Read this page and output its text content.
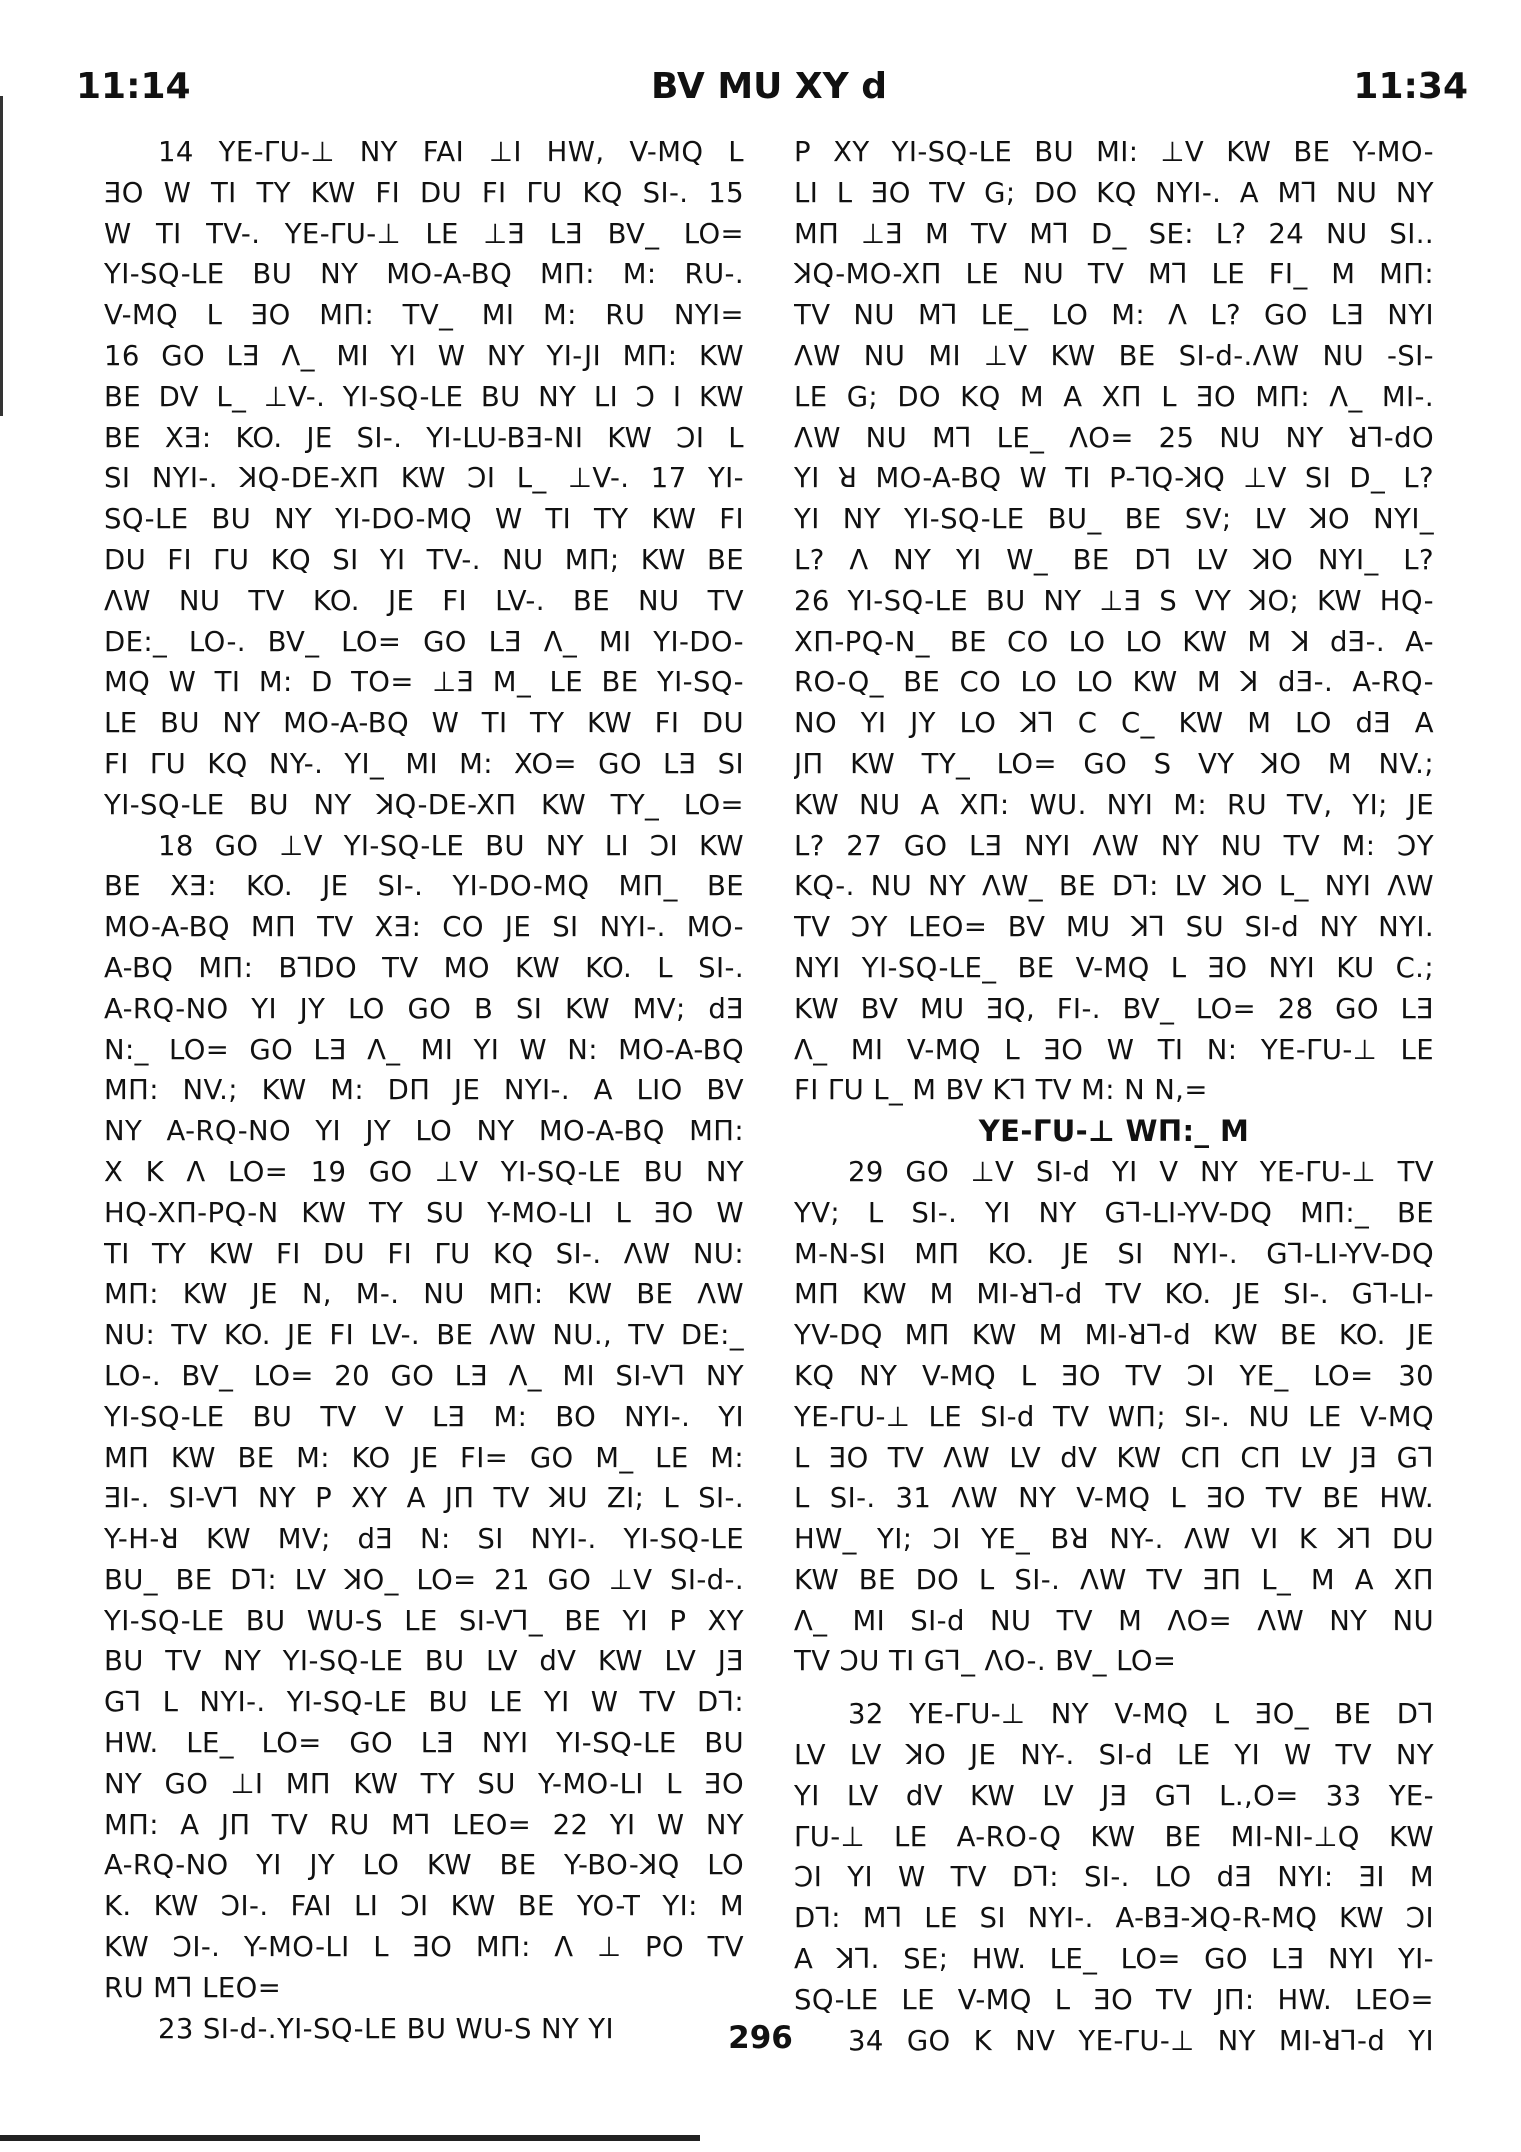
11:14	BV MU XY d	11:34
14 YE-ΓU-⊥ NY FAI ⊥I HW, V-MQ L
ƎO W TI TY KW FI DU FI ΓU KQ SI-. 15
W TI TV-. YE-ΓU-⊥ LE ⊥Ǝ LƎ BV_ LO=
YI-SQ-LE BU NY MO-A-BQ MΠ: M: RU-.
V-MQ L ƎO MΠ: TV_ MI M: RU NYI=
16 GO LƎ Λ_ MI YI W NY YI-JI MΠ: KW
BE DV L_ ⊥V-. YI-SQ-LE BU NY LI Ɔ I KW
BE XƎ: KO. JE SI-. YI-LU-BƎ-NI KW ƆI L
SI NYI-. ꓘQ-DE-XΠ KW ƆI L_ ⊥V-. 17 YI-
SQ-LE BU NY YI-DO-MQ W TI TY KW FI
DU FI ΓU KQ SI YI TV-. NU MΠ; KW BE
ΛW NU TV KO. JE FI LV-. BE NU TV
DE:_ LO-. BV_ LO= GO LƎ Λ_ MI YI-DO-
MQ W TI M: D TO= ⊥Ǝ M_ LE BE YI-SQ-
LE BU NY MO-A-BQ W TI TY KW FI DU
FI ΓU KQ NY-. YI_ MI M: XO= GO LƎ SI
YI-SQ-LE BU NY ꓘQ-DE-XΠ KW TY_ LO=
18 GO ⊥V YI-SQ-LE BU NY LI ƆI KW
BE XƎ: KO. JE SI-. YI-DO-MQ MΠ_ BE
MO-A-BQ MΠ TV XƎ: CO JE SI NYI-. MO-
A-BQ MΠ: BꓶDO TV MO KW KO. L SI-.
A-RQ-NO YI JY LO GO B SI KW MV; dƎ
N:_ LO= GO LƎ Λ_ MI YI W N: MO-A-BQ
MΠ: NV.; KW M: DΠ JE NYI-. A LIO BV
NY A-RQ-NO YI JY LO NY MO-A-BQ MΠ:
X K Λ LO= 19 GO ⊥V YI-SQ-LE BU NY
HQ-XΠ-PQ-N KW TY SU Y-MO-LI L ƎO W
TI TY KW FI DU FI ΓU KQ SI-. ΛW NU:
MΠ: KW JE N, M-. NU MΠ: KW BE ΛW
NU: TV KO. JE FI LV-. BE ΛW NU., TV DE:_
LO-. BV_ LO= 20 GO LƎ Λ_ MI SI-Vꓶ NY
YI-SQ-LE BU TV V LƎ M: BO NYI-. YI
MΠ KW BE M: KO JE FI= GO M_ LE M:
ƎI-. SI-Vꓶ NY P XY A JΠ TV ꓘU ZI; L SI-.
Y-H-ꓤ KW MV; dƎ N: SI NYI-. YI-SQ-LE
BU_ BE Dꓶ: LV ꓘO_ LO= 21 GO ⊥V SI-d-.
YI-SQ-LE BU WU-S LE SI-Vꓶ_ BE YI P XY
BU TV NY YI-SQ-LE BU LV dV KW LV JƎ
Gꓶ L NYI-. YI-SQ-LE BU LE YI W TV Dꓶ:
HW. LE_ LO= GO LƎ NYI YI-SQ-LE BU
NY GO ⊥I MΠ KW TY SU Y-MO-LI L ƎO
MΠ: A JΠ TV RU Mꓶ LEO= 22 YI W NY
A-RQ-NO YI JY LO KW BE Y-BO-ꓘQ LO
K. KW ƆI-. FAI LI ƆI KW BE YO-T YI: M
KW ƆI-. Y-MO-LI L ƎO MΠ: Λ ⊥ PO TV
RU Mꓶ LEO=
23 SI-d-.YI-SQ-LE BU WU-S NY YI
P XY YI-SQ-LE BU MI: ⊥V KW BE Y-MO-
LI L ƎO TV G; DO KQ NYI-. A Mꓶ NU NY
MΠ ⊥Ǝ M TV Mꓶ D_ SE: L? 24 NU SI..
ꓘQ-MO-XΠ LE NU TV Mꓶ LE FI_ M MΠ:
TV NU Mꓶ LE_ LO M: Λ L? GO LƎ NYI
ΛW NU MI ⊥V KW BE SI-d-.ΛW NU -SI-
LE G; DO KQ M A XΠ L ƎO MΠ: Λ_ MI-.
ΛW NU Mꓶ LE_ ΛO= 25 NU NY ꓤꓶ-dO
YI ꓤ MO-A-BQ W TI P-ꓶQ-ꓘQ ⊥V SI D_ L?
YI NY YI-SQ-LE BU_ BE SV; LV ꓘO NYI_
L? Λ NY YI W_ BE Dꓶ LV ꓘO NYI_ L?
26 YI-SQ-LE BU NY ⊥Ǝ S VY ꓘO; KW HQ-
XΠ-PQ-N_ BE CO LO LO KW M ꓘ dƎ-. A-
RO-Q_ BE CO LO LO KW M ꓘ dƎ-. A-RQ-
NO YI JY LO ꓘꓶ C C_ KW M LO dƎ A
JΠ KW TY_ LO= GO S VY ꓘO M NV.;
KW NU A XΠ: WU. NYI M: RU TV, YI; JE
L? 27 GO LƎ NYI ΛW NY NU TV M: ƆY
KQ-. NU NY ΛW_ BE Dꓶ: LV ꓘO L_ NYI ΛW
TV ƆY LEO= BV MU ꓘꓶ SU SI-d NY NYI.
NYI YI-SQ-LE_ BE V-MQ L ƎO NYI KU C.;
KW BV MU ƎQ, FI-. BV_ LO= 28 GO LƎ
Λ_ MI V-MQ L ƎO W TI N: YE-ΓU-⊥ LE
FI ΓU L_ M BV Kꓶ TV M: N N,=
YE-ΓU-⊥ WΠ:_ M
29 GO ⊥V SI-d YI V NY YE-ΓU-⊥ TV
YV; L SI-. YI NY Gꓶ-LI-YV-DQ MΠ:_ BE
M-N-SI MΠ KO. JE SI NYI-. Gꓶ-LI-YV-DQ
MΠ KW M MI-ꓤꓶ-d TV KO. JE SI-. Gꓶ-LI-
YV-DQ MΠ KW M MI-ꓤꓶ-d KW BE KO. JE
KQ NY V-MQ L ƎO TV ƆI YE_ LO= 30
YE-ΓU-⊥ LE SI-d TV WΠ; SI-. NU LE V-MQ
L ƎO TV ΛW LV dV KW CΠ CΠ LV JƎ Gꓶ
L SI-. 31 ΛW NY V-MQ L ƎO TV BE HW.
HW_ YI; ƆI YE_ Bꓤ NY-. ΛW VI K ꓘꓶ DU
KW BE DO L SI-. ΛW TV ƎΠ L_ M A XΠ
Λ_ MI SI-d NU TV M ΛO= ΛW NY NU
TV ƆU TI Gꓶ_ ΛO-. BV_ LO=
32 YE-ΓU-⊥ NY V-MQ L ƎO_ BE Dꓶ
LV LV ꓘO JE NY-. SI-d LE YI W TV NY
YI LV dV KW LV JƎ Gꓶ L.,O= 33 YE-
ΓU-⊥ LE A-RO-Q KW BE MI-NI-⊥Q KW
ƆI YI W TV Dꓶ: SI-. LO dƎ NYI: ƎI M
Dꓶ: Mꓶ LE SI NYI-. A-BƎ-ꓘQ-R-MQ KW ƆI
A ꓘꓶ. SE; HW. LE_ LO= GO LƎ NYI YI-
SQ-LE LE V-MQ L ƎO TV JΠ: HW. LEO=
34 GO K NV YE-ΓU-⊥ NY MI-ꓤꓶ-d YI
296
